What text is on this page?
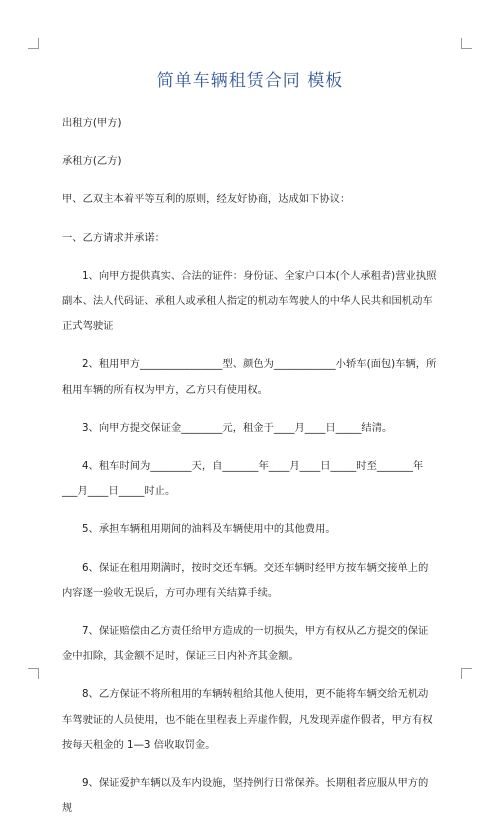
简单车辆租赁合同 模板

出租方(甲方)

承租方(乙方)

甲、乙双主本着平等互利的原则，经友好协商，达成如下协议：

一、乙方请求并承诺：

1、向甲方提供真实、合法的证件：身份证、全家户口本(个人承租者)营业执照副本、法人代码证、承租人或承租人指定的机动车驾驶人的中华人民共和国机动车正式驾驶证

2、租用甲方________________型、颜色为____________小轿车(面包)车辆，所租用车辆的所有权为甲方，乙方只有使用权。

3、向甲方提交保证金________元，租金于____月____日_____结清。

4、租车时间为________天，自_______年____月____日_____时至_______年___月____日_____时止。

5、承担车辆租用期间的油料及车辆使用中的其他费用。

6、保证在租用期满时，按时交还车辆。交还车辆时经甲方按车辆交接单上的内容逐一验收无误后，方可办理有关结算手续。

7、保证赔偿由乙方责任给甲方造成的一切损失，甲方有权从乙方提交的保证金中扣除，其金额不足时，保证三日内补齐其金额。

8、乙方保证不将所租用的车辆转租给其他人使用，更不能将车辆交给无机动车驾驶证的人员使用，也不能在里程表上弄虚作假，凡发现弄虚作假者，甲方有权按每天租金的 1—3 倍收取罚金。

9、保证爱护车辆以及车内设施，坚持例行日常保养。长期租者应服从甲方的规
